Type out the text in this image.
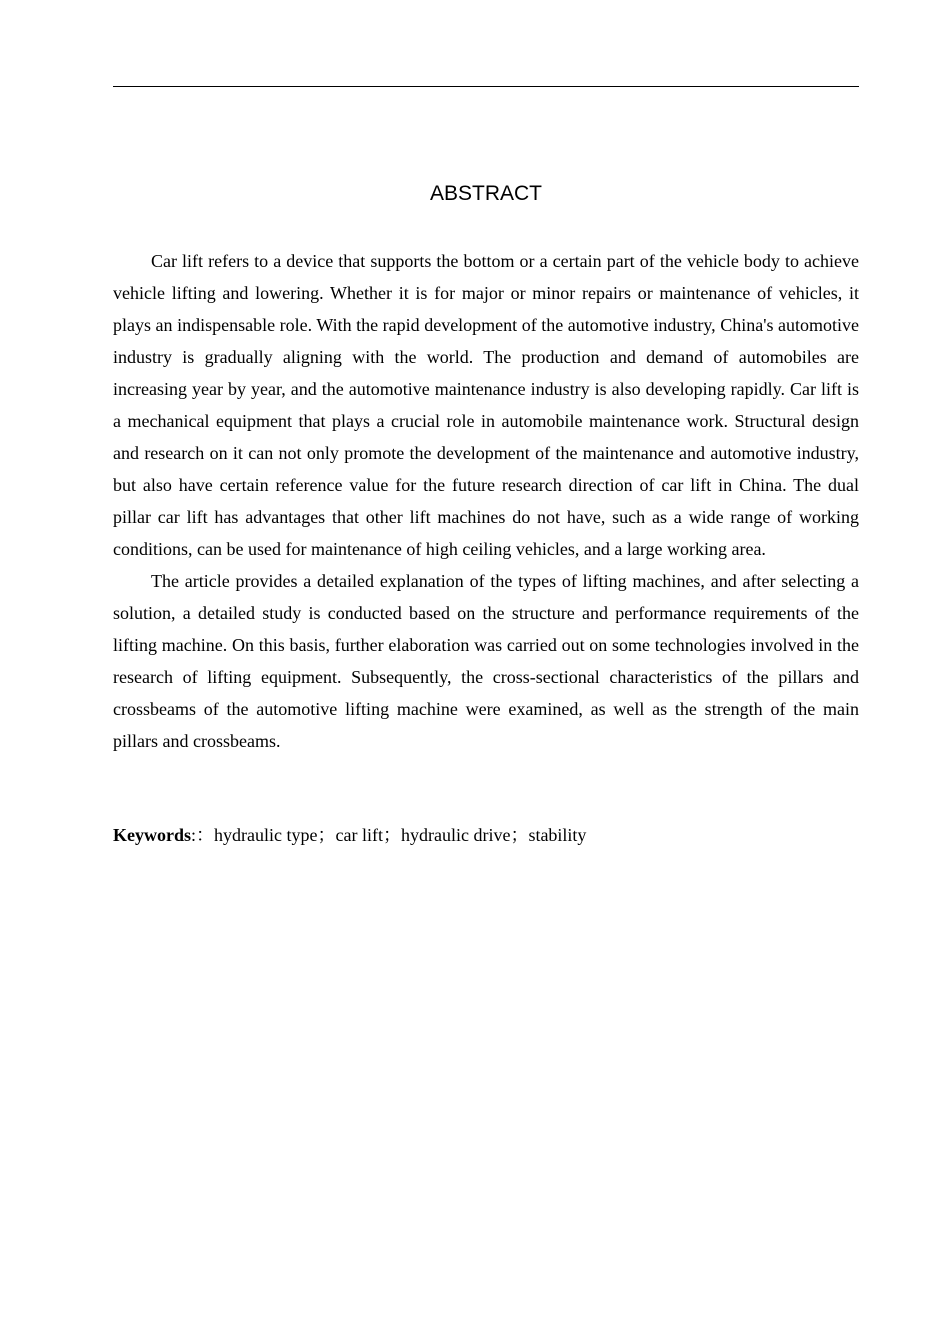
ABSTRACT

Car lift refers to a device that supports the bottom or a certain part of the vehicle body to achieve vehicle lifting and lowering. Whether it is for major or minor repairs or maintenance of vehicles, it plays an indispensable role. With the rapid development of the automotive industry, China's automotive industry is gradually aligning with the world. The production and demand of automobiles are increasing year by year, and the automotive maintenance industry is also developing rapidly. Car lift is a mechanical equipment that plays a crucial role in automobile maintenance work. Structural design and research on it can not only promote the development of the maintenance and automotive industry, but also have certain reference value for the future research direction of car lift in China. The dual pillar car lift has advantages that other lift machines do not have, such as a wide range of working conditions, can be used for maintenance of high ceiling vehicles, and a large working area.

The article provides a detailed explanation of the types of lifting machines, and after selecting a solution, a detailed study is conducted based on the structure and performance requirements of the lifting machine. On this basis, further elaboration was carried out on some technologies involved in the research of lifting equipment. Subsequently, the cross-sectional characteristics of the pillars and crossbeams of the automotive lifting machine were examined, as well as the strength of the main pillars and crossbeams.

Keywords:：hydraulic type；car lift；hydraulic drive；stability
